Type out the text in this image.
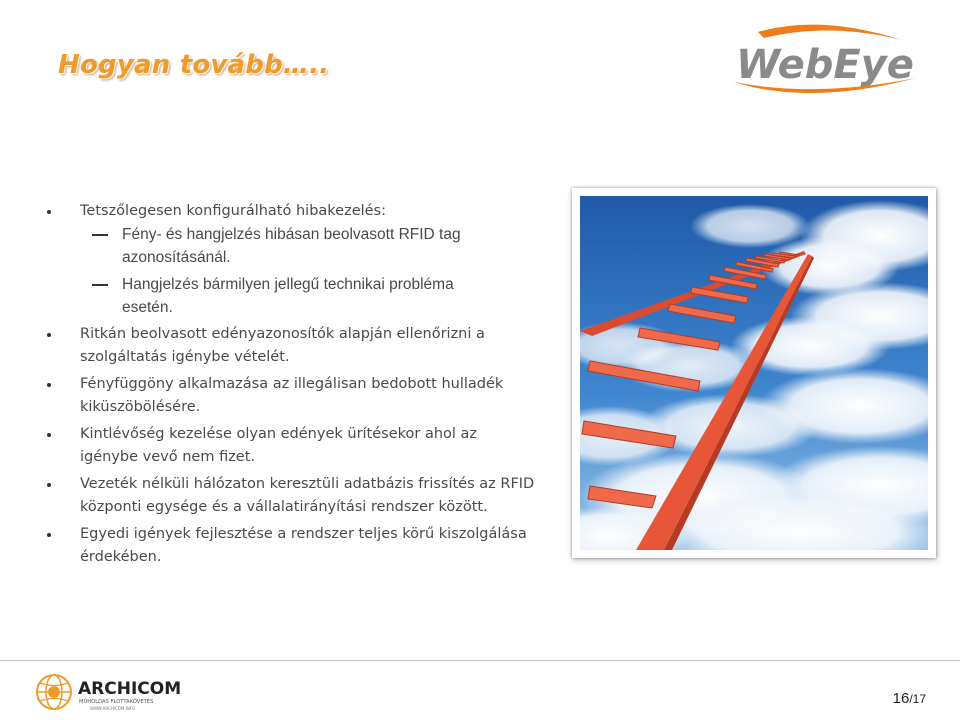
Hogyan tovább…..	WebEye
Tetszőlegesen konfigurálható hibakezelés:
Fény- és hangjelzés hibásan beolvasott RFID tag
azonosításánál.
Hangjelzés bármilyen jellegű technikai probléma
esetén.
Ritkán beolvasott edényazonosítók alapján ellenőrizni a
szolgáltatás igénybe vételét.
Fényfüggöny alkalmazása az illegálisan bedobott hulladék
kiküszöbölésére.
Kintlévőség kezelése olyan edények ürítésekor ahol az
igénybe vevő nem fizet.
Vezeték nélküli hálózaton keresztüli adatbázis frissítés az RFID
központi egysége és a vállalatirányítási rendszer között.
Egyedi igények fejlesztése a rendszer teljes körű kiszolgálása
érdekében.
ARCHICOM
MŰHOLDAS FLOTTAKÖVETÉS
WWW.ARCHICOM.INFO
16/17
